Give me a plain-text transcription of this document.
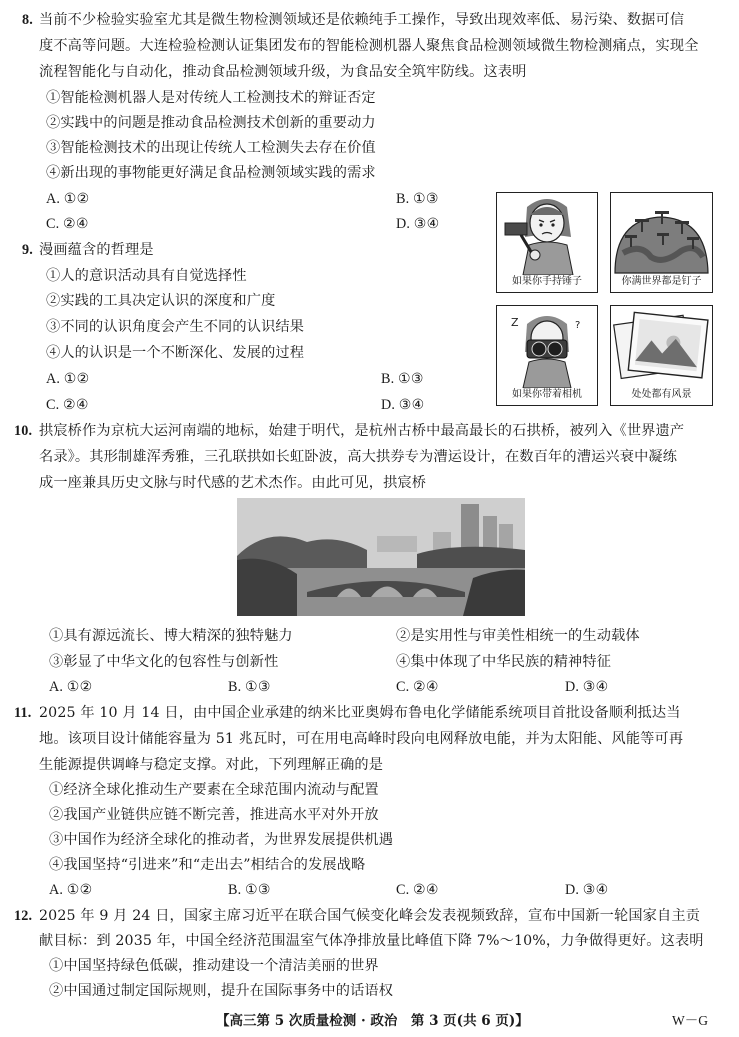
8. 当前不少检验实验室尤其是微生物检测领域还是依赖纯手工操作，导致出现效率低、易污染、数据可信
度不高等问题。大连检验检测认证集团发布的智能检测机器人聚焦食品检测领域微生物检测痛点，实现全
流程智能化与自动化，推动食品检测领域升级，为食品安全筑牢防线。这表明
①智能检测机器人是对传统人工检测技术的辩证否定
②实践中的问题是推动食品检测技术创新的重要动力
③智能检测技术的出现让传统人工检测失去存在价值
④新出现的事物能更好满足食品检测领域实践的需求
A. ①②	B. ①③
C. ②④	D. ③④
9. 漫画蕴含的哲理是
①人的意识活动具有自觉选择性
②实践的工具决定认识的深度和广度
③不同的认识角度会产生不同的认识结果
④人的认识是一个不断深化、发展的过程
A. ①②	B. ①③
C. ②④	D. ③④
如果你手持锤子	你满世界都是钉子
Z	?
如果你带着相机	处处都有风景
10. 拱宸桥作为京杭大运河南端的地标，始建于明代，是杭州古桥中最高最长的石拱桥，被列入《世界遗产
名录》。其形制雄浑秀雅，三孔联拱如长虹卧波，高大拱券专为漕运设计，在数百年的漕运兴衰中凝练
成一座兼具历史文脉与时代感的艺术杰作。由此可见，拱宸桥
①具有源远流长、博大精深的独特魅力	②是实用性与审美性相统一的生动载体
③彰显了中华文化的包容性与创新性	④集中体现了中华民族的精神特征
A. ①②	B. ①③	C. ②④	D. ③④
11. 2025 年 10 月 14 日，由中国企业承建的纳米比亚奥姆布鲁电化学储能系统项目首批设备顺利抵达当
地。该项目设计储能容量为 51 兆瓦时，可在用电高峰时段向电网释放电能，并为太阳能、风能等可再
生能源提供调峰与稳定支撑。对此，下列理解正确的是
①经济全球化推动生产要素在全球范围内流动与配置
②我国产业链供应链不断完善，推进高水平对外开放
③中国作为经济全球化的推动者，为世界发展提供机遇
④我国坚持“引进来”和“走出去”相结合的发展战略
A. ①②	B. ①③	C. ②④	D. ③④
12. 2025 年 9 月 24 日，国家主席习近平在联合国气候变化峰会发表视频致辞，宣布中国新一轮国家自主贡
献目标：到 2035 年，中国全经济范围温室气体净排放量比峰值下降 7%～10%，力争做得更好。这表明
①中国坚持绿色低碳，推动建设一个清洁美丽的世界
②中国通过制定国际规则，提升在国际事务中的话语权
【高三第 5 次质量检测 · 政治　第 3 页(共 6 页)】	W－G
